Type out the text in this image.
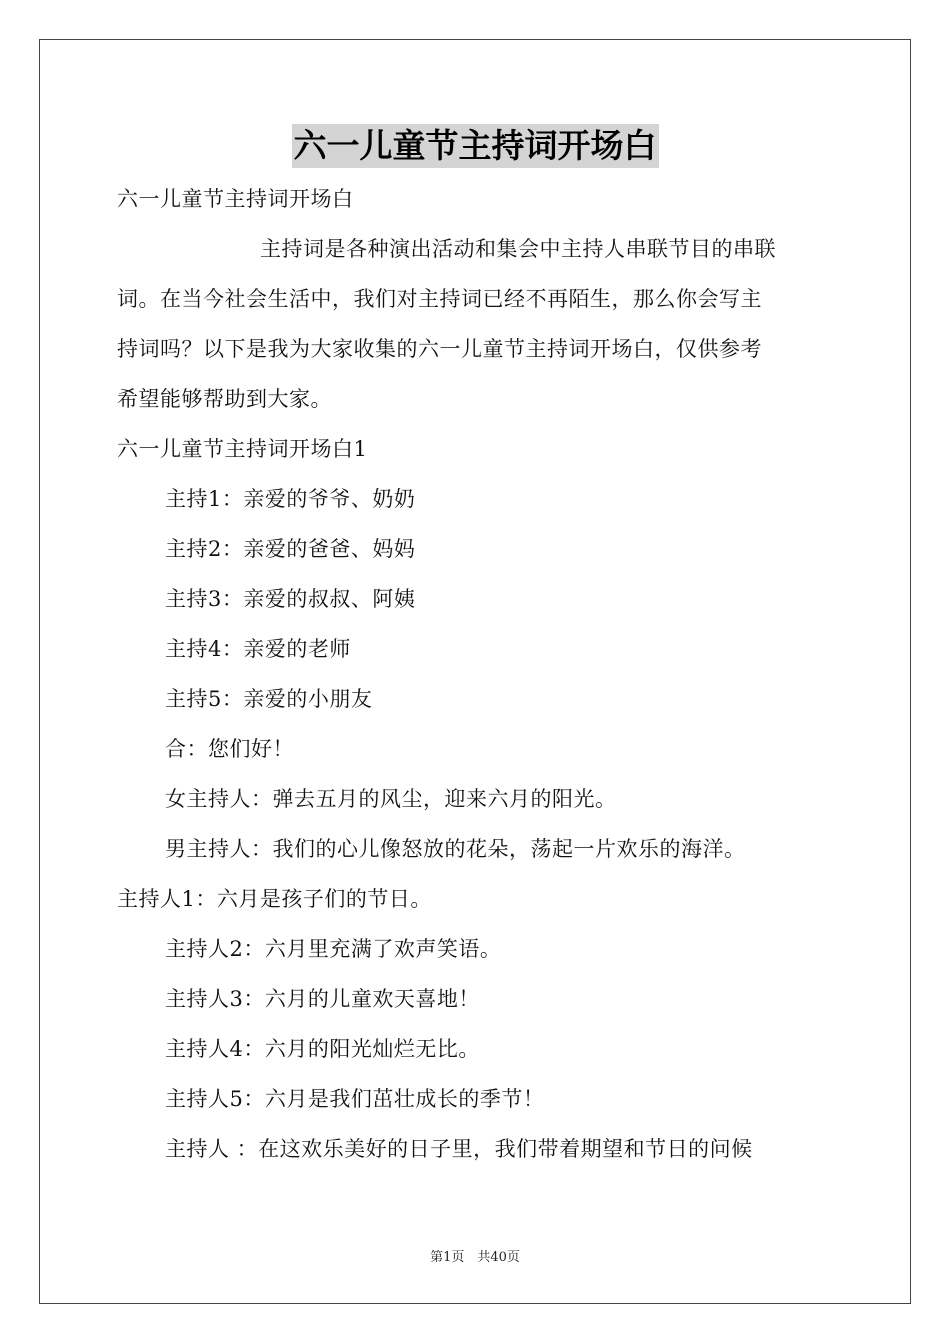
六一儿童节主持词开场白
六一儿童节主持词开场白
主持词是各种演出活动和集会中主持人串联节目的串联
词。在当今社会生活中，我们对主持词已经不再陌生，那么你会写主
持词吗？以下是我为大家收集的六一儿童节主持词开场白，仅供参考
希望能够帮助到大家。
六一儿童节主持词开场白1
主持1：亲爱的爷爷、奶奶
主持2：亲爱的爸爸、妈妈
主持3：亲爱的叔叔、阿姨
主持4：亲爱的老师
主持5：亲爱的小朋友
合：您们好！
女主持人：弹去五月的风尘，迎来六月的阳光。
男主持人：我们的心儿像怒放的花朵，荡起一片欢乐的海洋。
主持人1：六月是孩子们的节日。
主持人2：六月里充满了欢声笑语。
主持人3：六月的儿童欢天喜地！
主持人4：六月的阳光灿烂无比。
主持人5：六月是我们茁壮成长的季节！
主持人 ：在这欢乐美好的日子里，我们带着期望和节日的问候
第1页　共40页
